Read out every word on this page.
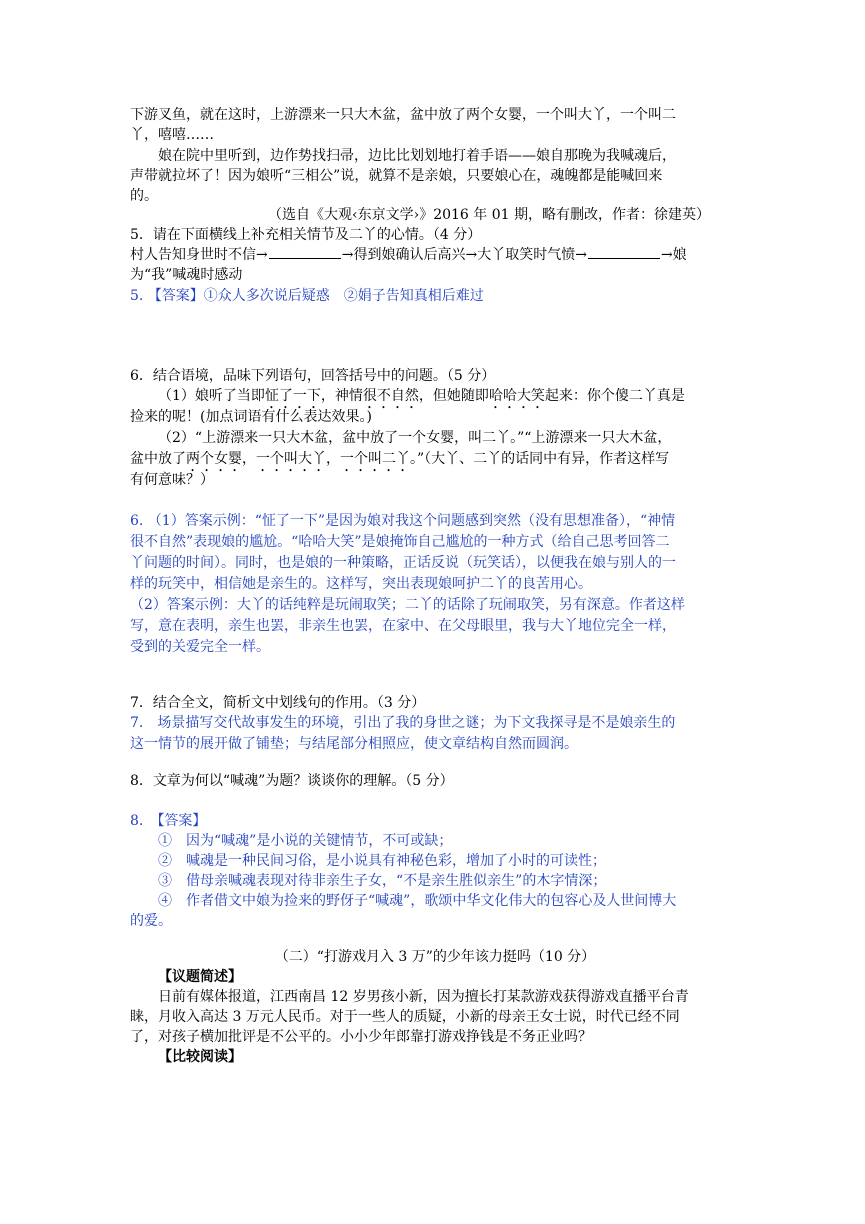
下游叉鱼，就在这时，上游漂来一只大木盆，盆中放了两个女婴，一个叫大丫，一个叫二
丫，嘻嘻……
娘在院中里听到，边作势找扫帚，边比比划划地打着手语——娘自那晚为我喊魂后，
声带就拉坏了！因为娘听“三相公”说，就算不是亲娘，只要娘心在，魂魄都是能喊回来
的。
（选自《大观‹东京文学›》2016 年 01 期，略有删改，作者：徐建英）
5．请在下面横线上补充相关情节及二丫的心情。（4 分）
村人告知身世时不信→	→得到娘确认后高兴→大丫取笑时气愤→	→娘
为“我”喊魂时感动
5. 【答案】①众人多次说后疑惑　②娟子告知真相后难过
6．结合语境，品味下列语句，回答括号中的问题。（5 分）
（1）娘听了当即怔了一下，神情很不自然，但她随即哈哈大笑起来：你个傻二丫真是
捡来的呢！(加点词语有什么表达效果。)
（2）“上游漂来一只大木盆，盆中放了一个女婴，叫二丫。”“上游漂来一只大木盆，
盆中放了两个女婴，一个叫大丫，一个叫二丫。”（大丫、二丫的话同中有异，作者这样写
有何意味？）
6. （1）答案示例：“怔了一下”是因为娘对我这个问题感到突然（没有思想准备），“神情
很不自然”表现娘的尴尬。“哈哈大笑”是娘掩饰自己尴尬的一种方式（给自己思考回答二
丫问题的时间）。同时，也是娘的一种策略，正话反说（玩笑话），以便我在娘与别人的一
样的玩笑中，相信她是亲生的。这样写，突出表现娘呵护二丫的良苦用心。
（2）答案示例：大丫的话纯粹是玩闹取笑；二丫的话除了玩闹取笑，另有深意。作者这样
写，意在表明，亲生也罢，非亲生也罢，在家中、在父母眼里，我与大丫地位完全一样，
受到的关爱完全一样。
7．结合全文，简析文中划线句的作用。（3 分）
7.　场景描写交代故事发生的环境，引出了我的身世之谜；为下文我探寻是不是娘亲生的
这一情节的展开做了铺垫；与结尾部分相照应，使文章结构自然而圆润。
8．文章为何以“喊魂”为题？谈谈你的理解。（5 分）
8.　【答案】
①　因为“喊魂”是小说的关键情节，不可或缺；
②　喊魂是一种民间习俗，是小说具有神秘色彩，增加了小时的可读性；
③　借母亲喊魂表现对待非亲生子女，“不是亲生胜似亲生”的木字情深；
④　作者借文中娘为捡来的野伢子“喊魂”，歌颂中华文化伟大的包容心及人世间博大
的爱。
（二）“打游戏月入 3 万”的少年该力挺吗（10 分）
【议题简述】
日前有媒体报道，江西南昌 12 岁男孩小新，因为擅长打某款游戏获得游戏直播平台青
睐，月收入高达 3 万元人民币。对于一些人的质疑，小新的母亲王女士说，时代已经不同
了，对孩子横加批评是不公平的。小小少年郎靠打游戏挣钱是不务正业吗？
【比较阅读】
